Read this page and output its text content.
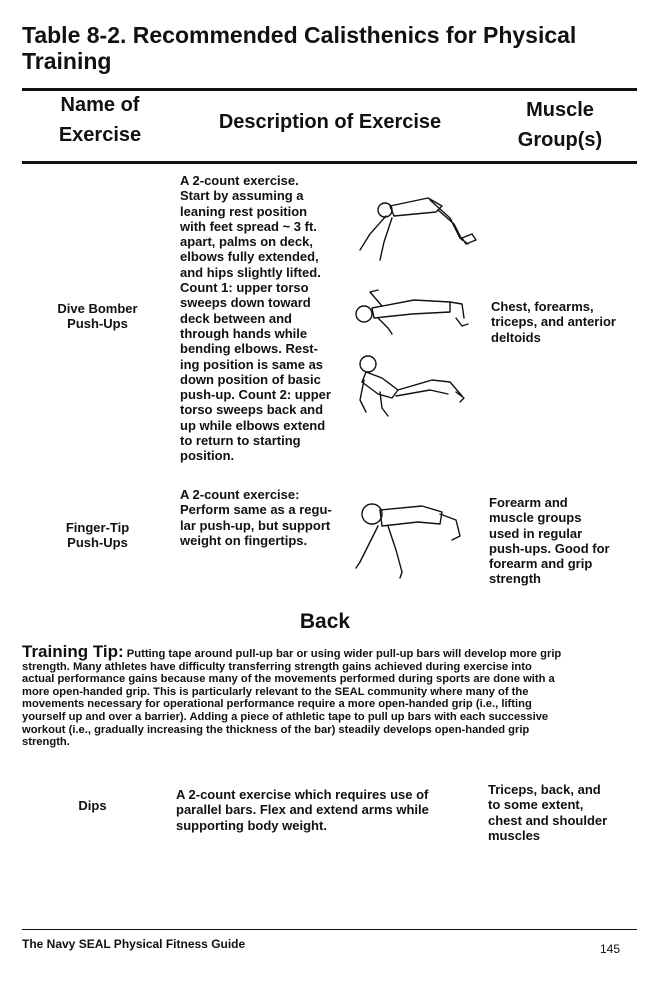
Table 8-2. Recommended Calisthenics for Physical Training
Name of
Exercise
Description of Exercise
Muscle
Group(s)
Dive Bomber
Push-Ups
A 2-count exercise.
Start by assuming a
leaning rest position
with feet spread ~ 3 ft.
apart, palms on deck,
elbows fully extended,
and hips slightly lifted.
Count 1: upper torso
sweeps down toward
deck between and
through hands while
bending elbows. Rest-
ing position is same as
down position of basic
push-up. Count 2: upper
torso sweeps back and
up while elbows extend
to return to starting
position.
Chest, forearms,
triceps, and anterior
deltoids
Finger-Tip
Push-Ups
A 2-count exercise:
Perform same as a regu-
lar push-up, but support
weight on fingertips.
Forearm and
muscle groups
used in regular
push-ups. Good for
forearm and grip
strength
Back
Training Tip: Putting tape around pull-up bar or using wider pull-up bars will develop more grip
strength. Many athletes have difficulty transferring strength gains achieved during exercise into
actual performance gains because many of the movements performed during sports are done with a
more open-handed grip. This is particularly relevant to the SEAL community where many of the
movements necessary for operational performance require a more open-handed grip (i.e., lifting
yourself up and over a barrier). Adding a piece of athletic tape to pull up bars with each successive
workout (i.e., gradually increasing the thickness of the bar) steadily develops open-handed grip
strength.
Dips
A 2-count exercise which requires use of
parallel bars. Flex and extend arms while
supporting body weight.
Triceps, back, and
to some extent,
chest and shoulder
muscles
The Navy SEAL Physical Fitness Guide	145
